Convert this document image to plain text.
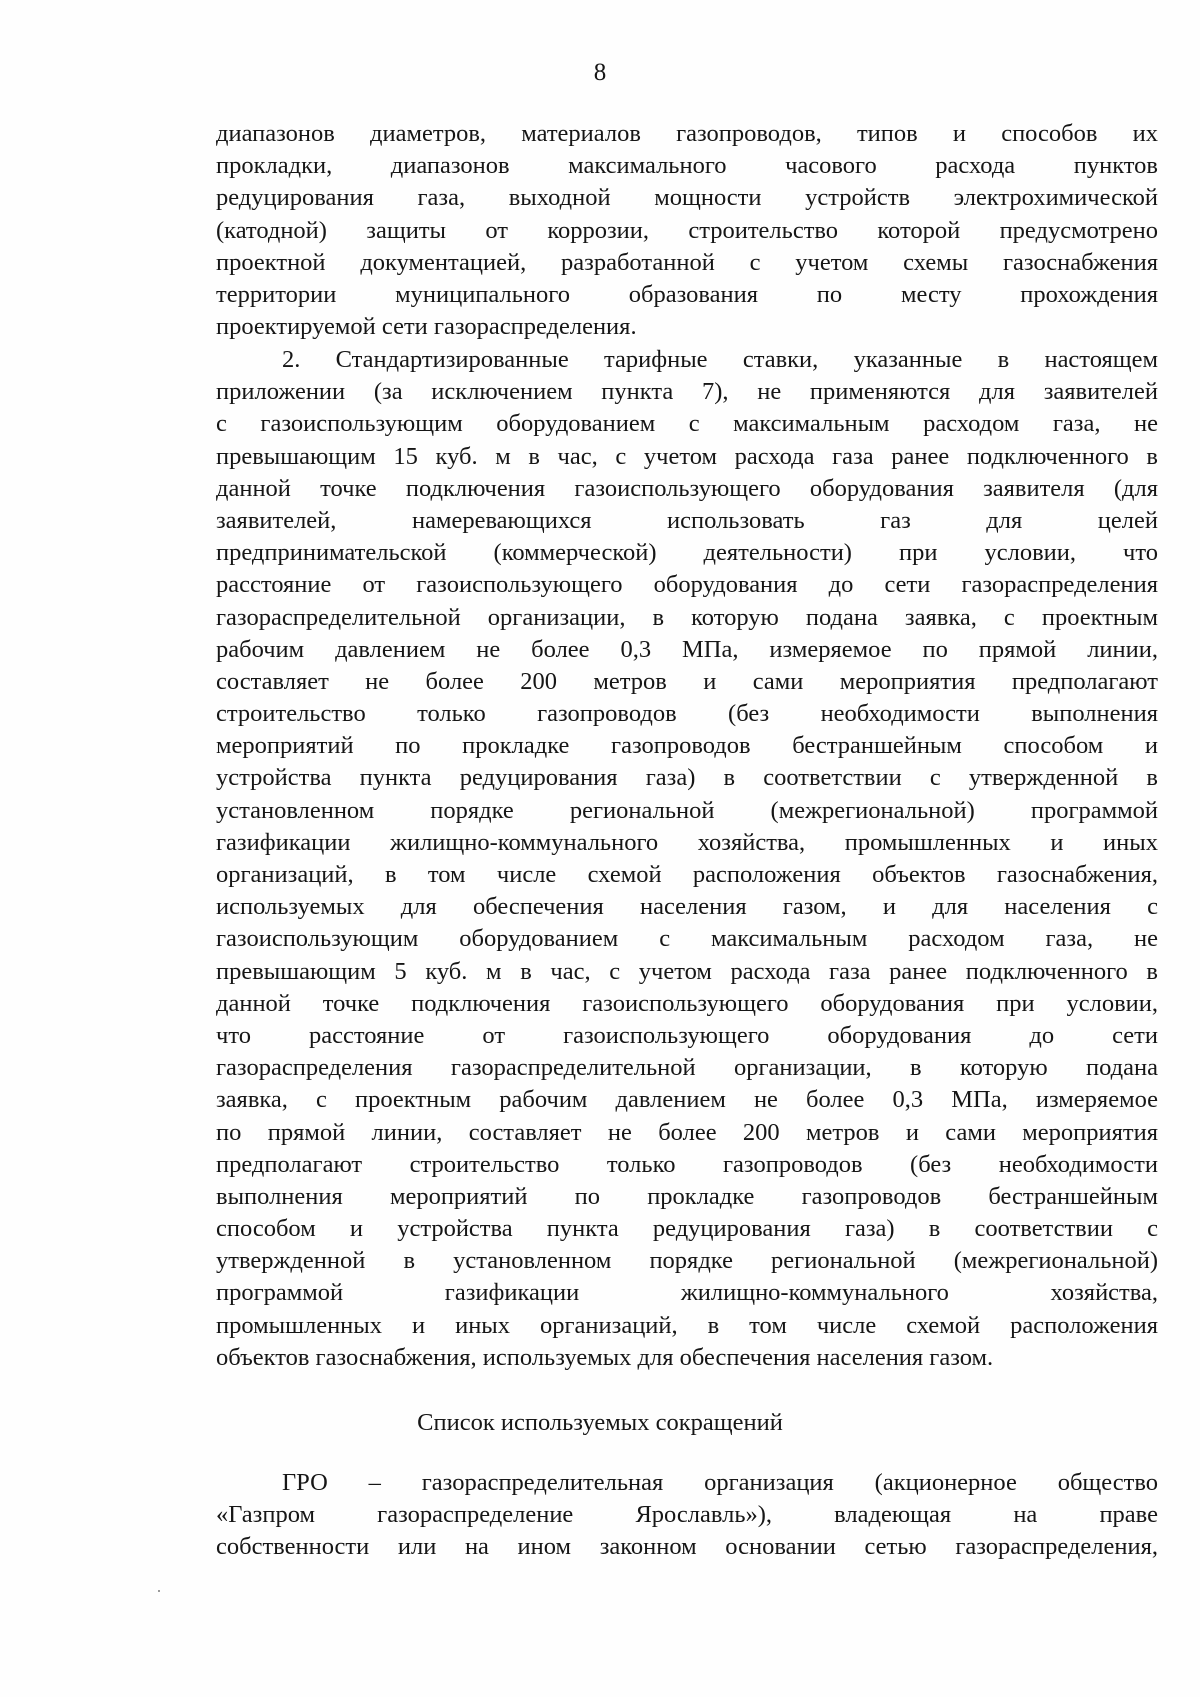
8
диапазонов диаметров, материалов газопроводов, типов и способов их
прокладки, диапазонов максимального часового расхода пунктов
редуцирования газа, выходной мощности устройств электрохимической
(катодной) защиты от коррозии, строительство которой предусмотрено
проектной документацией, разработанной с учетом схемы газоснабжения
территории муниципального образования по месту прохождения
проектируемой сети газораспределения.
2. Стандартизированные тарифные ставки, указанные в настоящем
приложении (за исключением пункта 7), не применяются для заявителей
с газоиспользующим оборудованием с максимальным расходом газа, не
превышающим 15 куб. м в час, с учетом расхода газа ранее подключенного в
данной точке подключения газоиспользующего оборудования заявителя (для
заявителей, намеревающихся использовать газ для целей
предпринимательской (коммерческой) деятельности) при условии, что
расстояние от газоиспользующего оборудования до сети газораспределения
газораспределительной организации, в которую подана заявка, с проектным
рабочим давлением не более 0,3 МПа, измеряемое по прямой линии,
составляет не более 200 метров и сами мероприятия предполагают
строительство только газопроводов (без необходимости выполнения
мероприятий по прокладке газопроводов бестраншейным способом и
устройства пункта редуцирования газа) в соответствии с утвержденной в
установленном порядке региональной (межрегиональной) программой
газификации жилищно-коммунального хозяйства, промышленных и иных
организаций, в том числе схемой расположения объектов газоснабжения,
используемых для обеспечения населения газом, и для населения с
газоиспользующим оборудованием с максимальным расходом газа, не
превышающим 5 куб. м в час, с учетом расхода газа ранее подключенного в
данной точке подключения газоиспользующего оборудования при условии,
что расстояние от газоиспользующего оборудования до сети
газораспределения газораспределительной организации, в которую подана
заявка, с проектным рабочим давлением не более 0,3 МПа, измеряемое
по прямой линии, составляет не более 200 метров и сами мероприятия
предполагают строительство только газопроводов (без необходимости
выполнения мероприятий по прокладке газопроводов бестраншейным
способом и устройства пункта редуцирования газа) в соответствии с
утвержденной в установленном порядке региональной (межрегиональной)
программой газификации жилищно-коммунального хозяйства,
промышленных и иных организаций, в том числе схемой расположения
объектов газоснабжения, используемых для обеспечения населения газом.
Список используемых сокращений
ГРО – газораспределительная организация (акционерное общество
«Газпром газораспределение Ярославль»), владеющая на праве
собственности или на ином законном основании сетью газораспределения,
